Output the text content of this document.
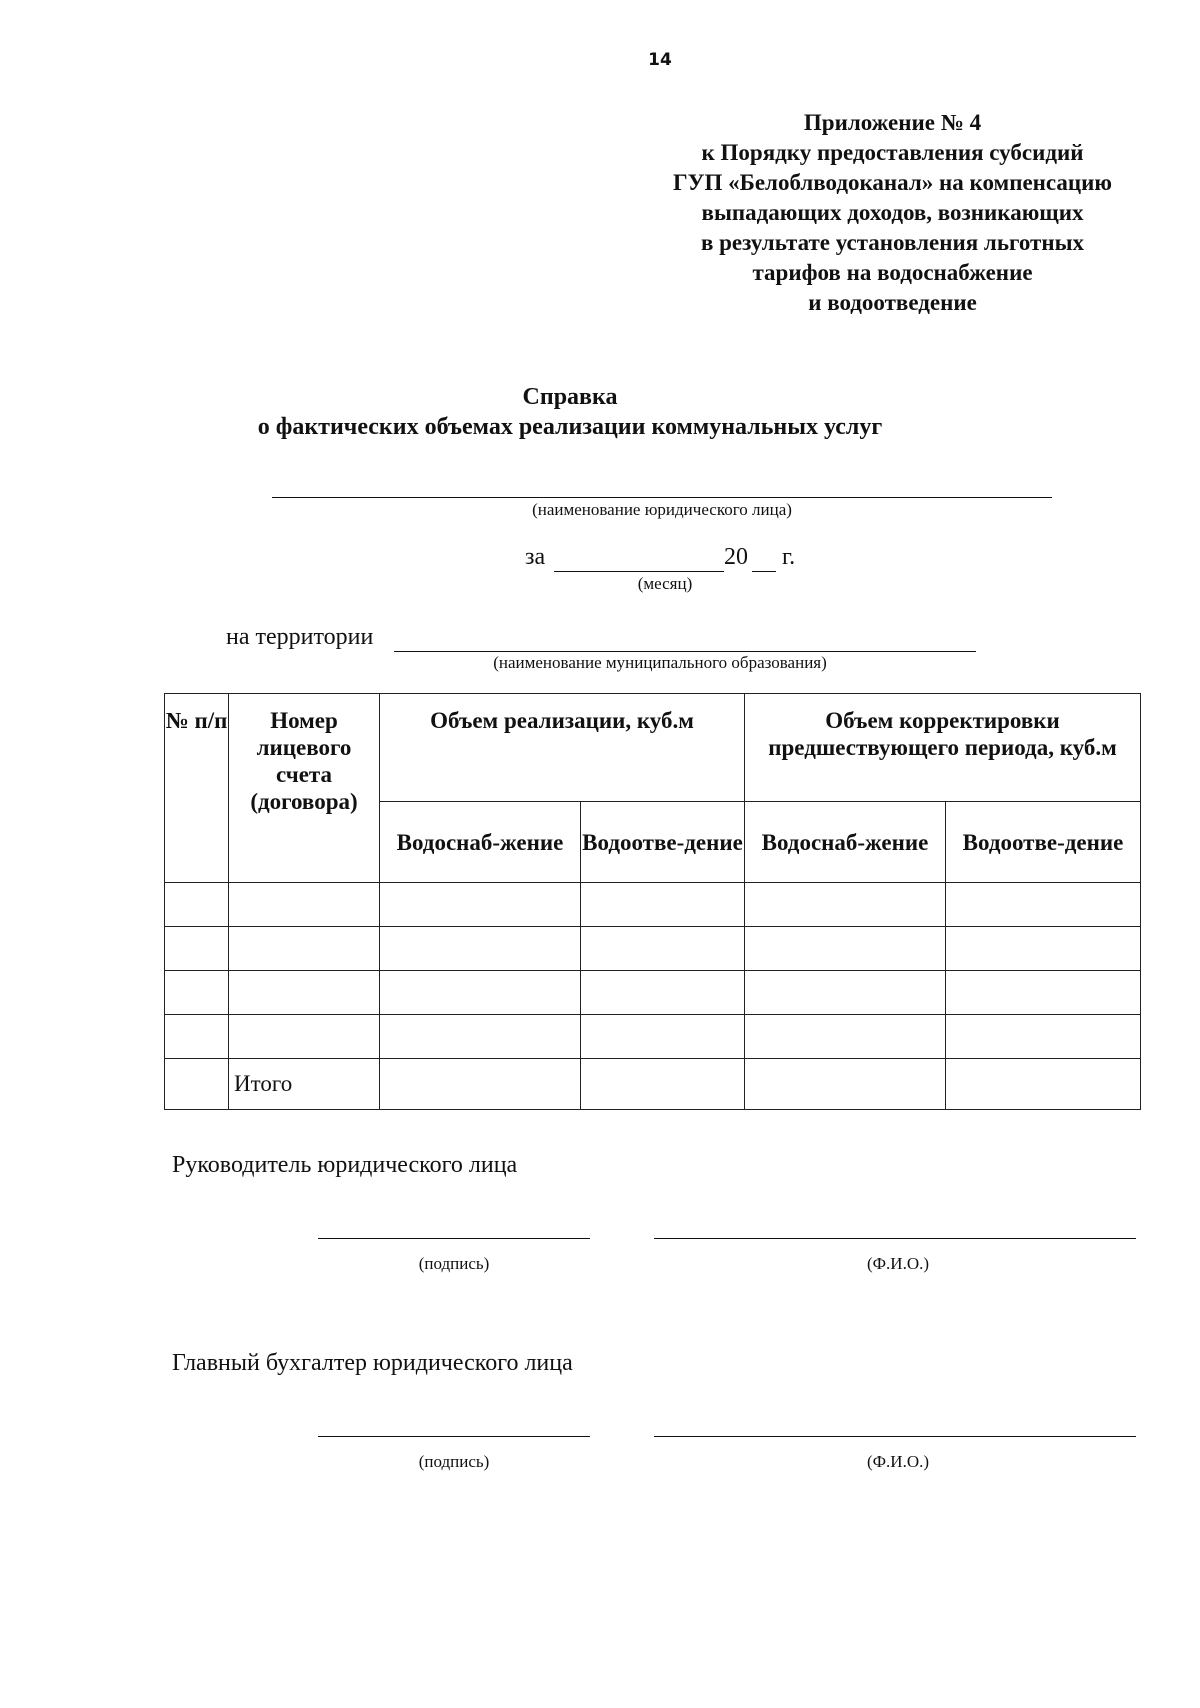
14
Приложение № 4
к Порядку предоставления субсидий
ГУП «Белоблводоканал» на компенсацию
выпадающих доходов, возникающих
в результате установления льготных
тарифов на водоснабжение
и водоотведение
Справка
о фактических объемах реализации коммунальных услуг
(наименование юридического лица)
за	20 г.
(месяц)
на территории
(наименование муниципального образования)
№ п/п	Номер лицевого счета (договора)	Объем реализации, куб.м		Объем корректировки предшествующего периода, куб.м	
		Водоснаб-жение	Водоотве-дение	Водоснаб-жение	Водоотве-дение

	Итого				
Руководитель юридического лица
(подпись)	(Ф.И.О.)
Главный бухгалтер юридического лица
(подпись)	(Ф.И.О.)
